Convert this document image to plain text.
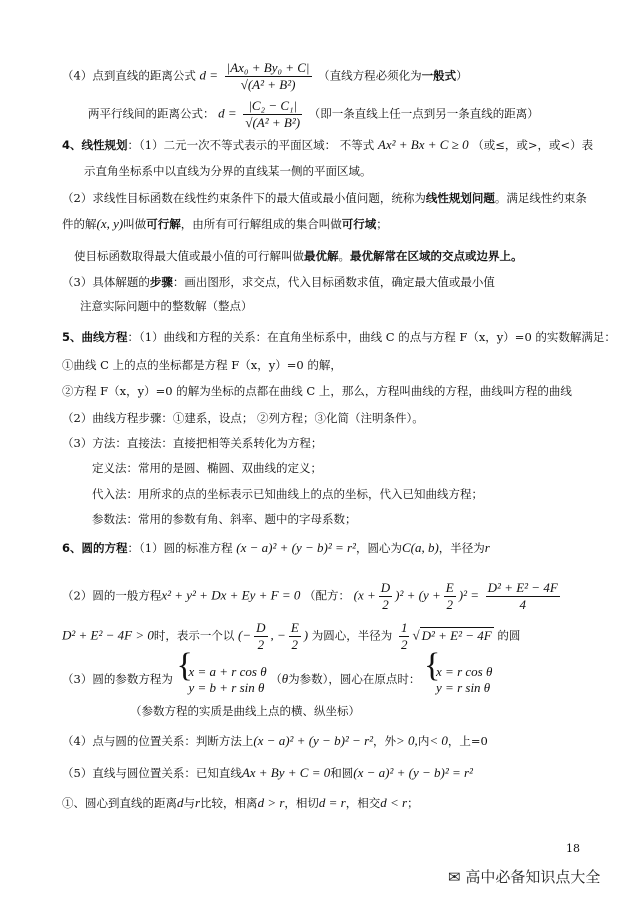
（4）点到直线的距离公式 $d = \frac{\text{|Ax₀ + By₀ + C|}}{\text{√(A² + B²)}}$ （直线方程必须化为一般式）
两平行线间的距离公式： $d = \frac{\text{|C₂ − C₁|}}{\text{√(A² + B²)}}$ （即一条直线上任一点到另一条直线的距离）
4、线性规划：（1）二元一次不等式表示的平面区域： 不等式 Ax² + Bx + C ≥ 0 （或≤，或>，或<）表
示直角坐标系中以直线为分界的直线某一侧的平面区域。
（2）求线性目标函数在线性约束条件下的最大值或最小值问题，统称为线性规划问题。满足线性约束条
件的解(x, y)叫做可行解，由所有可行解组成的集合叫做可行域；
使目标函数取得最大值或最小值的可行解叫做最优解。最优解常在区域的交点或边界上。
（3）具体解题的步骤：画出图形，求交点，代入目标函数求值，确定最大值或最小值
注意实际问题中的整数解（整点）
5、曲线方程：（1）曲线和方程的关系：在直角坐标系中，曲线 C 的点与方程 F（x，y）=0 的实数解满足：
①曲线 C 上的点的坐标都是方程 F（x，y）=0 的解，
②方程 F（x，y）=0 的解为坐标的点都在曲线 C 上，那么，方程叫曲线的方程，曲线叫方程的曲线
（2）曲线方程步骤：①建系，设点； ②列方程；③化简（注明条件）。
（3）方法：直接法：直接把相等关系转化为方程；
定义法：常用的是圆、椭圆、双曲线的定义；
代入法：用所求的点的坐标表示已知曲线上的点的坐标，代入已知曲线方程；
参数法：常用的参数有角、斜率、题中的字母系数；
6、圆的方程：（1）圆的标准方程 (x − a)² + (y − b)² = r²，圆心为C(a, b)，半径为r
（2）圆的一般方程x² + y² + Dx + Ey + F = 0 （配方： $(x + \frac{D}{2} )^2 + (y + \frac{E}{2} )^2 = \frac{\text{D² + E² − 4F}}{4}$
D² + E² − 4F > 0时，表示一个以 (− $\frac{D}{2}$ , − $\frac{E}{2}$ ) 为圆心，半径为 $\frac{1}{2}$ √ D² + E² − 4F 的圆
（3）圆的参数方程为 { x = a + r cos θ
y = b + r sin θ
（θ为参数），圆心在原点时： { x = r cos θ
y = r sin θ
（参数方程的实质是曲线上点的横、纵坐标）
（4）点与圆的位置关系：判断方法上(x − a)² + (y − b)² − r²，外> 0,内< 0，上=0
（5）直线与圆位置关系：已知直线Ax + By + C = 0和圆(x − a)² + (y − b)² = r²
①、圆心到直线的距离d与r比较，相离d > r，相切d = r，相交d < r；
18
✉ 高中必备知识点大全
